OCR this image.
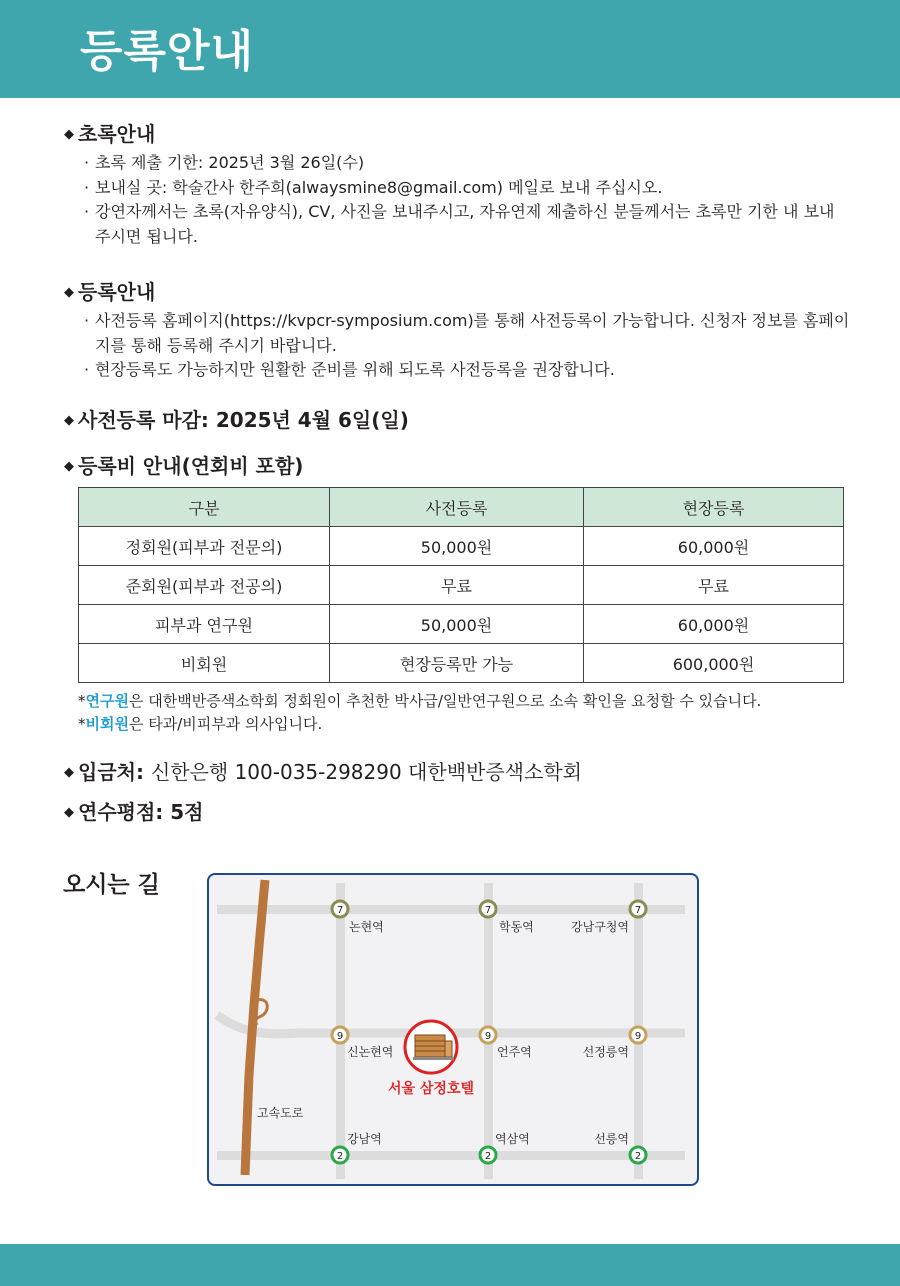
등록안내
◆ 초록안내
· 초록 제출 기한: 2025년 3월 26일(수)
· 보내실 곳: 학술간사 한주희(alwaysmine8@gmail.com) 메일로 보내 주십시오.
· 강연자께서는 초록(자유양식), CV, 사진을 보내주시고, 자유연제 제출하신 분들께서는 초록만 기한 내 보내 주시면 됩니다.
◆ 등록안내
· 사전등록 홈페이지(https://kvpcr-symposium.com)를 통해 사전등록이 가능합니다. 신청자 정보를 홈페이지를 통해 등록해 주시기 바랍니다.
· 현장등록도 가능하지만 원활한 준비를 위해 되도록 사전등록을 권장합니다.
◆ 사전등록 마감: 2025년 4월 6일(일)
◆ 등록비 안내(연회비 포함)
구분	사전등록	현장등록
정회원(피부과 전문의)	50,000원	60,000원
준회원(피부과 전공의)	무료	무료
피부과 연구원	50,000원	60,000원
비회원	현장등록만 가능	600,000원
*연구원은 대한백반증색소학회 정회원이 추천한 박사급/일반연구원으로 소속 확인을 요청할 수 있습니다.
*비회원은 타과/비피부과 의사입니다.
◆ 입금처: 신한은행 100-035-298290 대한백반증색소학회
◆ 연수평점: 5점
오시는 길
서울 삼정호텔
7	7	7
9	9	9
2	2	2
논현역	학동역	강남구청역
신논현역	언주역	선정릉역
강남역	역삼역	선릉역
고속도로
